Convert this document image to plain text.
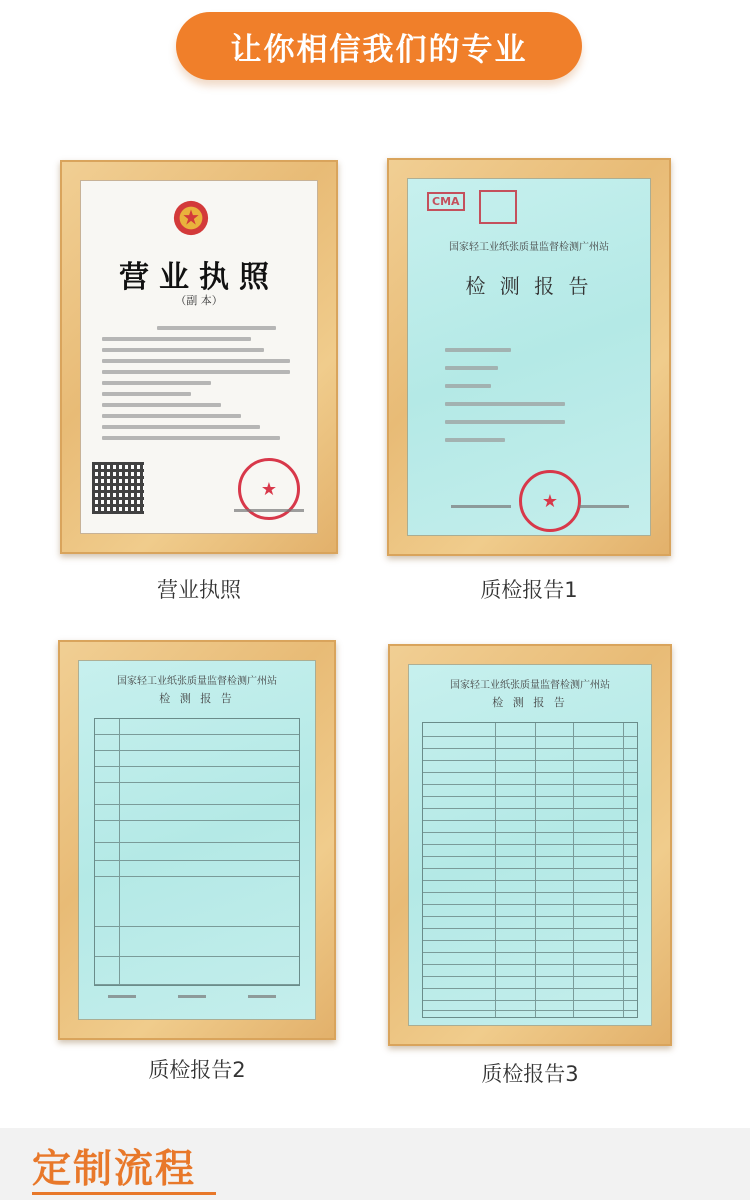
让你相信我们的专业
营业执照
（副 本）
★
营业执照
CMA
国家轻工业纸张质量监督检测广州站
检 测 报 告
★
质检报告1
国家轻工业纸张质量监督检测广州站
检 测 报 告
质检报告2
国家轻工业纸张质量监督检测广州站
检 测 报 告
质检报告3
定制流程
